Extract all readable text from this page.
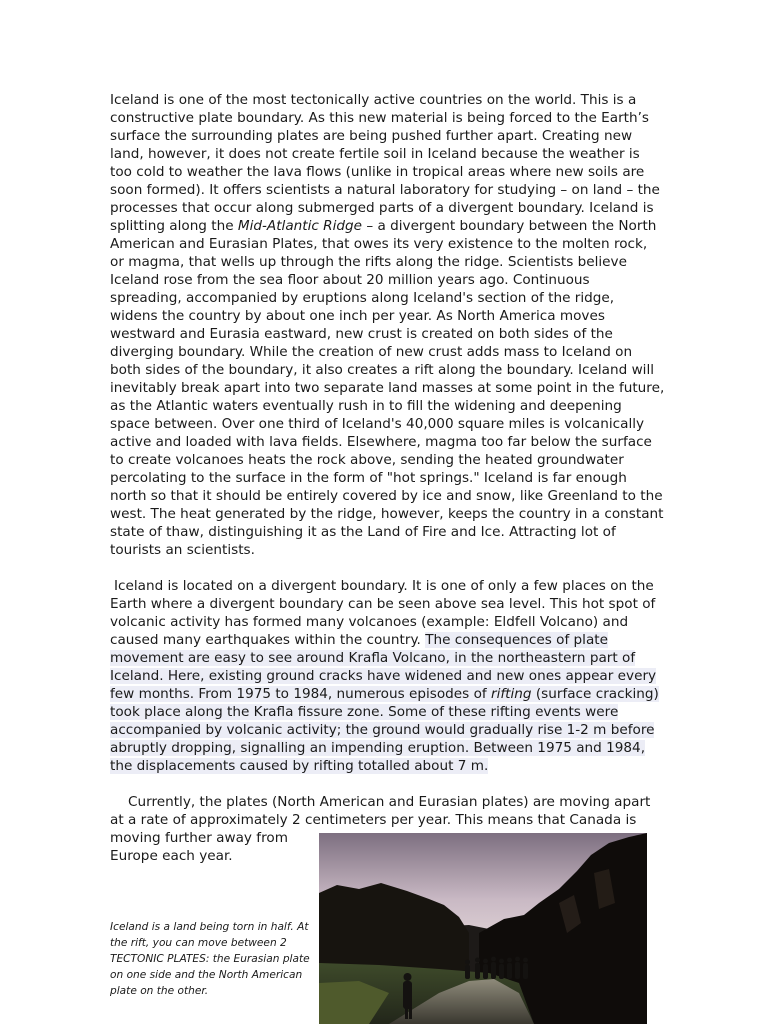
Iceland is one of the most tectonically active countries on the world. This is a constructive plate boundary. As this new material is being forced to the Earth’s surface the surrounding plates are being pushed further apart. Creating new land, however, it does not create fertile soil in Iceland because the weather is too cold to weather the lava flows (unlike in tropical areas where new soils are soon formed). It offers scientists a natural laboratory for studying – on land – the processes that occur along submerged parts of a divergent boundary. Iceland is splitting along the Mid-Atlantic Ridge – a divergent boundary between the North American and Eurasian Plates, that owes its very existence to the molten rock, or magma, that wells up through the rifts along the ridge. Scientists believe Iceland rose from the sea floor about 20 million years ago. Continuous spreading, accompanied by eruptions along Iceland's section of the ridge, widens the country by about one inch per year. As North America moves westward and Eurasia eastward, new crust is created on both sides of the diverging boundary. While the creation of new crust adds mass to Iceland on both sides of the boundary, it also creates a rift along the boundary. Iceland will inevitably break apart into two separate land masses at some point in the future, as the Atlantic waters eventually rush in to fill the widening and deepening space between. Over one third of Iceland's 40,000 square miles is volcanically active and loaded with lava fields. Elsewhere, magma too far below the surface to create volcanoes heats the rock above, sending the heated groundwater percolating to the surface in the form of "hot springs." Iceland is far enough north so that it should be entirely covered by ice and snow, like Greenland to the west. The heat generated by the ridge, however, keeps the country in a constant state of thaw, distinguishing it as the Land of Fire and Ice. Attracting lot of tourists an scientists.

Iceland is located on a divergent boundary. It is one of only a few places on the Earth where a divergent boundary can be seen above sea level. This hot spot of volcanic activity has formed many volcanoes (example: Eldfell Volcano) and caused many earthquakes within the country. The consequences of plate movement are easy to see around Krafla Volcano, in the northeastern part of Iceland. Here, existing ground cracks have widened and new ones appear every few months. From 1975 to 1984, numerous episodes of rifting (surface cracking) took place along the Krafla fissure zone. Some of these rifting events were accompanied by volcanic activity; the ground would gradually rise 1-2 m before abruptly dropping, signalling an impending eruption. Between 1975 and 1984, the displacements caused by rifting totalled about 7 m.

Currently, the plates (North American and Eurasian plates) are moving apart at a rate of approximately 2 centimeters per year. This means that Canada is

moving further away from Europe each year.

Iceland is a land being torn in half. At the rift, you can move between 2 TECTONIC PLATES: the Eurasian plate on one side and the North American plate on the other.
